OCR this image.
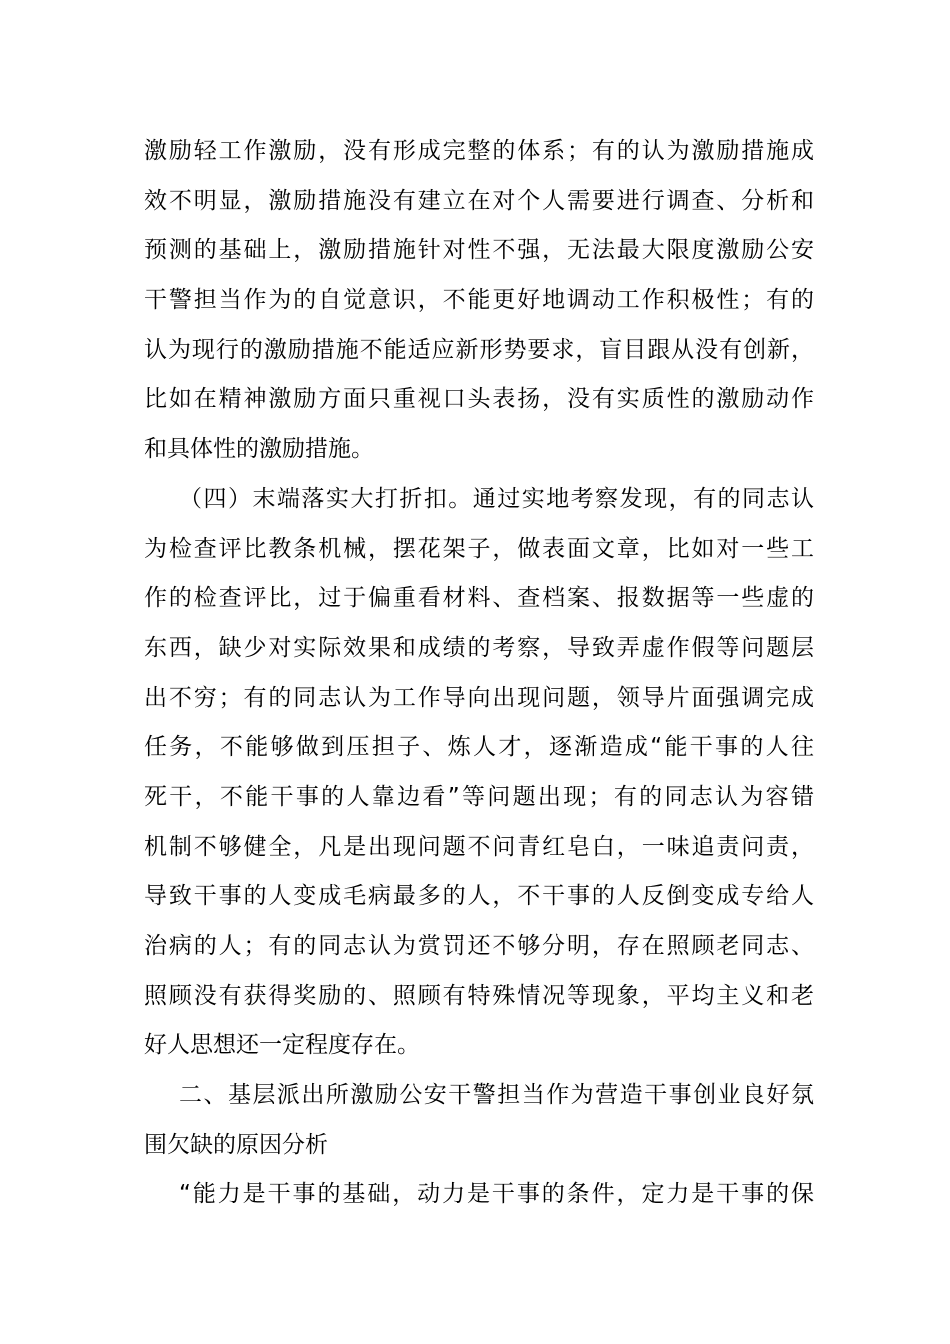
激励轻工作激励，没有形成完整的体系；有的认为激励措施成
效不明显，激励措施没有建立在对个人需要进行调查、分析和
预测的基础上，激励措施针对性不强，无法最大限度激励公安
干警担当作为的自觉意识，不能更好地调动工作积极性；有的
认为现行的激励措施不能适应新形势要求，盲目跟从没有创新，
比如在精神激励方面只重视口头表扬，没有实质性的激励动作
和具体性的激励措施。
（四）末端落实大打折扣。通过实地考察发现，有的同志认
为检查评比教条机械，摆花架子，做表面文章，比如对一些工
作的检查评比，过于偏重看材料、查档案、报数据等一些虚的
东西，缺少对实际效果和成绩的考察，导致弄虚作假等问题层
出不穷；有的同志认为工作导向出现问题，领导片面强调完成
任务，不能够做到压担子、炼人才，逐渐造成“能干事的人往
死干，不能干事的人靠边看”等问题出现；有的同志认为容错
机制不够健全，凡是出现问题不问青红皂白，一味追责问责，
导致干事的人变成毛病最多的人，不干事的人反倒变成专给人
治病的人；有的同志认为赏罚还不够分明，存在照顾老同志、
照顾没有获得奖励的、照顾有特殊情况等现象，平均主义和老
好人思想还一定程度存在。
二、基层派出所激励公安干警担当作为营造干事创业良好氛
围欠缺的原因分析
“能力是干事的基础，动力是干事的条件，定力是干事的保
